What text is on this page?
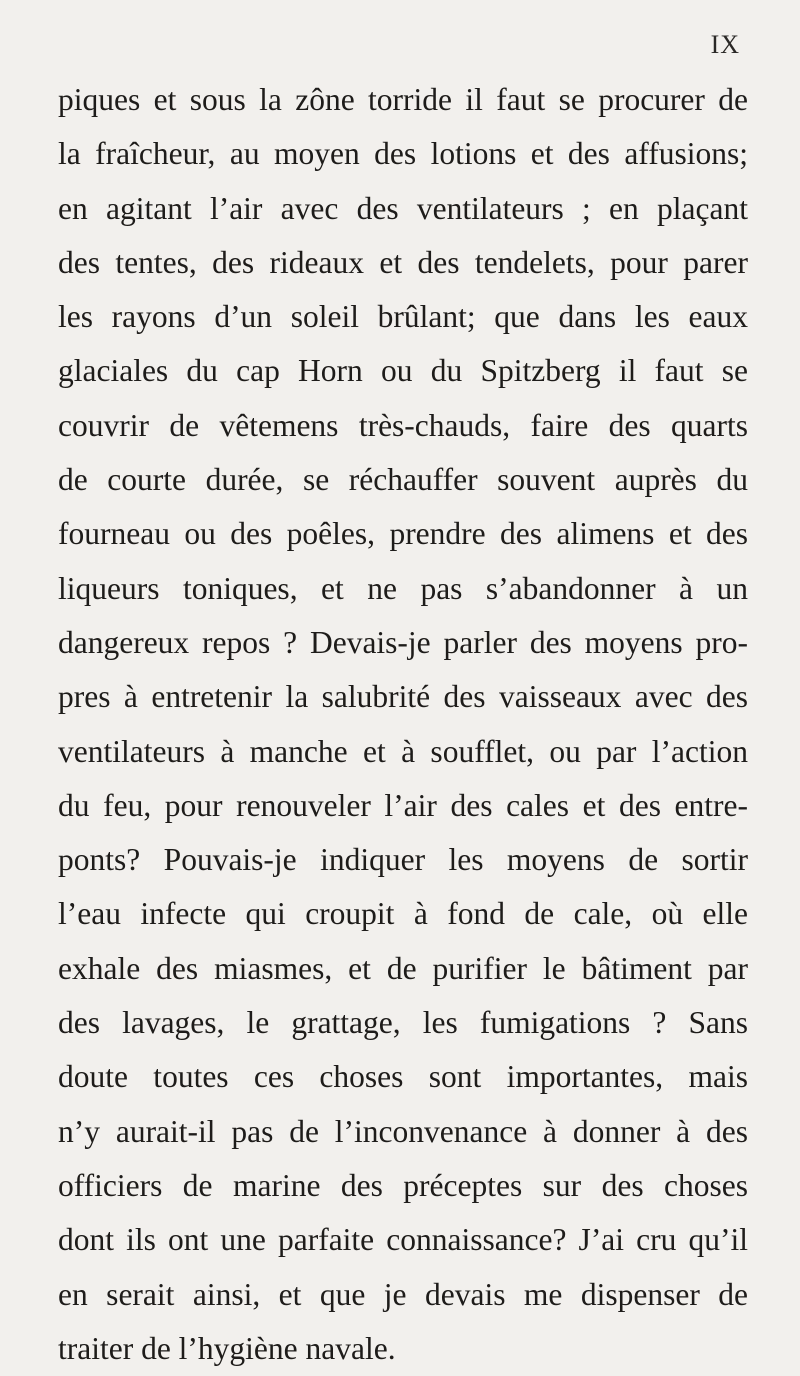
IX
piques et sous la zône torride il faut se procurer de
la fraîcheur, au moyen des lotions et des affusions;
en agitant l’air avec des ventilateurs ; en plaçant
des tentes, des rideaux et des tendelets, pour parer
les rayons d’un soleil brûlant; que dans les eaux
glaciales du cap Horn ou du Spitzberg il faut se
couvrir de vêtemens très-chauds, faire des quarts
de courte durée, se réchauffer souvent auprès du
fourneau ou des poêles, prendre des alimens et des
liqueurs toniques, et ne pas s’abandonner à un
dangereux repos ? Devais-je parler des moyens pro-
pres à entretenir la salubrité des vaisseaux avec des
ventilateurs à manche et à soufflet, ou par l’action
du feu, pour renouveler l’air des cales et des entre-
ponts? Pouvais-je indiquer les moyens de sortir
l’eau infecte qui croupit à fond de cale, où elle
exhale des miasmes, et de purifier le bâtiment par
des lavages, le grattage, les fumigations ? Sans
doute toutes ces choses sont importantes, mais
n’y aurait-il pas de l’inconvenance à donner à des
officiers de marine des préceptes sur des choses
dont ils ont une parfaite connaissance? J’ai cru qu’il
en serait ainsi, et que je devais me dispenser de
traiter de l’hygiène navale.
